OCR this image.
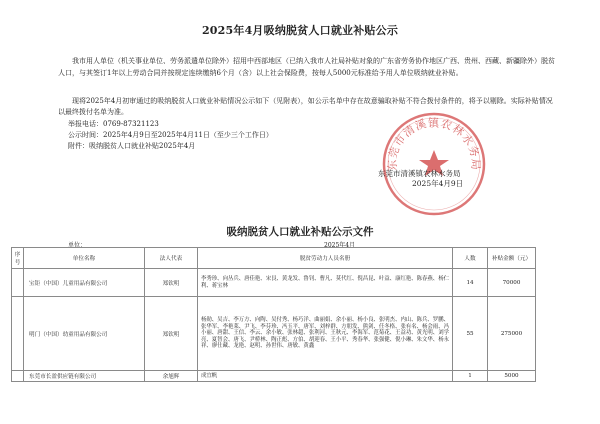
2025年4月吸纳脱贫人口就业补贴公示
我市用人单位（机关事业单位、劳务派遣单位除外）招用中西部地区（已纳入我市人社局补贴对象的广东省劳务协作地区广西、贵州、西藏、新疆除外）脱贫人口，与其签订1年以上劳动合同并按规定连续缴纳6个月（含）以上社会保险费，按每人5000元标准给予用人单位吸纳就业补贴。
现将2025年4月初审通过的吸纳脱贫人口就业补贴情况公示如下（见附表），如公示名单中存在故意骗取补贴不符合拨付条件的，将予以剔除。实际补贴情况以最终拨付名单为准。
举报电话：0769-87321123
公示时间：2025年4月9日至2025年4月11日（至少三个工作日）
附件：吸纳脱贫人口就业补贴2025年4月
东莞市清溪镇农林水务局
东莞市清溪镇农林水务局
2025年4月9日
吸纳脱贫人口就业补贴公示文件
单位：	2025年4月
序号	单位名称	法人代表	脱贫劳动力人员名册	人数	补贴金额（元）
	宝钜（中国）儿童用品有限公司	郑钦明	李秀珍、向丛兵、唐佳艳、宋艮、黄龙发、鲁钊、曹凡、莫代红、倪昌昆、叶益、康红艳、陈春燕、杨仁利、蒋宝林	14	70000
	明门（中国）幼童用品有限公司	郑钦明	杨勋、吴吉、李万方、向陶、吴付秀、杨巧洋、曲丽娟、余小丽、杨小良、张明杰、内山、陈兵、罗鹏、张华军、李艳莱、尹飞、李芬珍、冯玉平、唐军、刘梓群、方朋发、熊剑、任冬格、张有名、杨会雨、冯小丽、唐甜、王信、李云、余小敏、张林超、张利河、王秋元、李海军、范菊花、王益功、黄光明、刘学亮、夏智会、唐飞、尹桥林、陶正彪、方伯、胡迎春、王小平、秀春华、张强健、倪小琳、朱文华、杨永祥、廖仕藏、龙艳、赵明、孙世伟、唐敏、黄鑫	55	275000
	东莞市长盈供应链有限公司	余旭辉	成宜帆	1	5000
